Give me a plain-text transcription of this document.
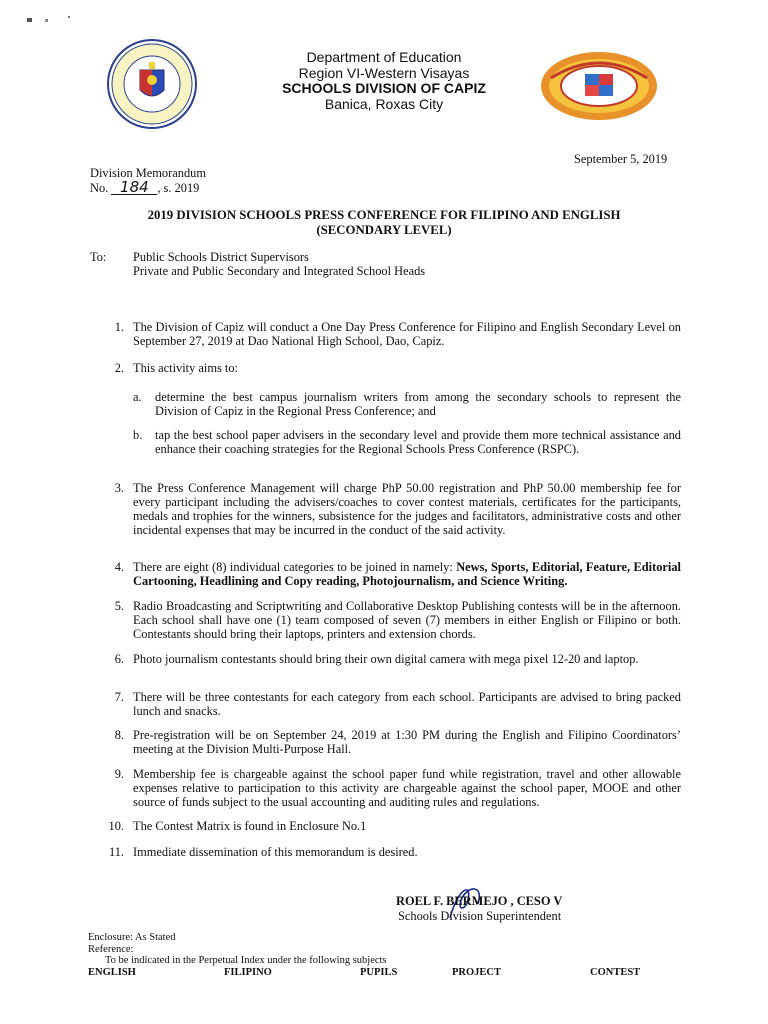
Department of Education
Region VI-Western Visayas
SCHOOLS DIVISION OF CAPIZ
Banica, Roxas City
September 5, 2019
Division Memorandum
No. 184 , s. 2019
2019 DIVISION SCHOOLS PRESS CONFERENCE FOR FILIPINO AND ENGLISH
(SECONDARY LEVEL)
To: Public Schools District Supervisors
Private and Public Secondary and Integrated School Heads
1. The Division of Capiz will conduct a One Day Press Conference for Filipino and English Secondary Level on September 27, 2019 at Dao National High School, Dao, Capiz.
2. This activity aims to:
a. determine the best campus journalism writers from among the secondary schools to represent the Division of Capiz in the Regional Press Conference; and
b. tap the best school paper advisers in the secondary level and provide them more technical assistance and enhance their coaching strategies for the Regional Schools Press Conference (RSPC).
3. The Press Conference Management will charge PhP 50.00 registration and PhP 50.00 membership fee for every participant including the advisers/coaches to cover contest materials, certificates for the participants, medals and trophies for the winners, subsistence for the judges and facilitators, administrative costs and other incidental expenses that may be incurred in the conduct of the said activity.
4. There are eight (8) individual categories to be joined in namely: News, Sports, Editorial, Feature, Editorial Cartooning, Headlining and Copy reading, Photojournalism, and Science Writing.
5. Radio Broadcasting and Scriptwriting and Collaborative Desktop Publishing contests will be in the afternoon. Each school shall have one (1) team composed of seven (7) members in either English or Filipino or both. Contestants should bring their laptops, printers and extension chords.
6. Photo journalism contestants should bring their own digital camera with mega pixel 12-20 and laptop.
7. There will be three contestants for each category from each school. Participants are advised to bring packed lunch and snacks.
8. Pre-registration will be on September 24, 2019 at 1:30 PM during the English and Filipino Coordinators’ meeting at the Division Multi-Purpose Hall.
9. Membership fee is chargeable against the school paper fund while registration, travel and other allowable expenses relative to participation to this activity are chargeable against the school paper, MOOE and other source of funds subject to the usual accounting and auditing rules and regulations.
10. The Contest Matrix is found in Enclosure No.1
11. Immediate dissemination of this memorandum is desired.
ROEL F. BERMEJO , CESO V
Schools Division Superintendent
Enclosure: As Stated
Reference:
To be indicated in the Perpetual Index under the following subjects
ENGLISH	FILIPINO	PUPILS	PROJECT	CONTEST
